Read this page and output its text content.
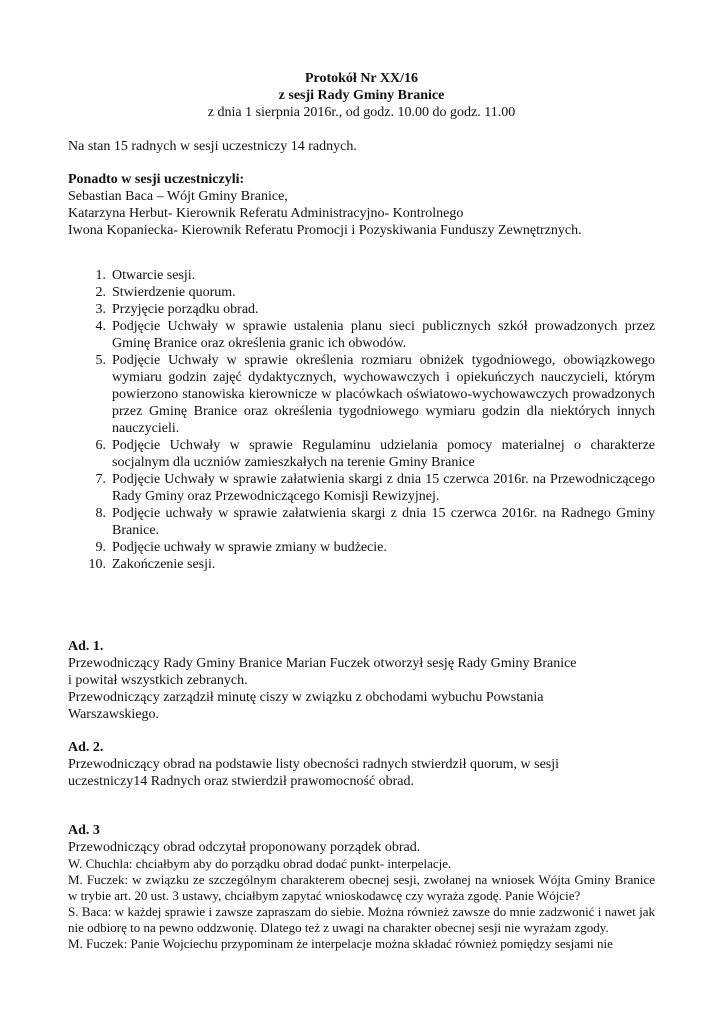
Protokół Nr XX/16

z sesji Rady Gminy Branice

z dnia 1 sierpnia 2016r., od godz. 10.00 do godz. 11.00

Na stan 15 radnych w sesji uczestniczy 14 radnych.

Ponadto w sesji uczestniczyli:

Sebastian Baca – Wójt Gminy Branice,

Katarzyna Herbut- Kierownik Referatu Administracyjno- Kontrolnego

Iwona Kopaniecka- Kierownik Referatu Promocji i Pozyskiwania Funduszy Zewnętrznych.

1. Otwarcie sesji.
2. Stwierdzenie quorum.
3. Przyjęcie porządku obrad.
4. Podjęcie Uchwały w sprawie ustalenia planu sieci publicznych szkół prowadzonych przez Gminę Branice oraz określenia granic ich obwodów.
5. Podjęcie Uchwały w sprawie określenia rozmiaru obniżek tygodniowego, obowiązkowego wymiaru godzin zajęć dydaktycznych, wychowawczych i opiekuńczych nauczycieli, którym powierzono stanowiska kierownicze w placówkach oświatowo-wychowawczych prowadzonych przez Gminę Branice oraz określenia tygodniowego wymiaru godzin dla niektórych innych nauczycieli.
6. Podjęcie Uchwały w sprawie Regulaminu udzielania pomocy materialnej o charakterze socjalnym dla uczniów zamieszkałych na terenie Gminy Branice
7. Podjęcie Uchwały w sprawie załatwienia skargi z dnia 15 czerwca 2016r. na Przewodniczącego Rady Gminy oraz Przewodniczącego Komisji Rewizyjnej.
8. Podjęcie uchwały w sprawie załatwienia skargi z dnia 15 czerwca 2016r. na Radnego Gminy Branice.
9. Podjęcie uchwały w sprawie zmiany w budżecie.
10. Zakończenie sesji.

Ad. 1.

Przewodniczący Rady Gminy Branice Marian Fuczek otworzył sesję Rady Gminy Branice

i powitał wszystkich zebranych.

Przewodniczący zarządził minutę ciszy w związku z obchodami wybuchu Powstania

Warszawskiego.

Ad. 2.

Przewodniczący obrad na podstawie listy obecności radnych stwierdził quorum, w sesji

uczestniczy14 Radnych oraz stwierdził prawomocność obrad.

Ad. 3

Przewodniczący obrad odczytał proponowany porządek obrad.

W. Chuchla: chciałbym aby do porządku obrad dodać punkt- interpelacje.

M. Fuczek: w związku ze szczególnym charakterem obecnej sesji, zwołanej na wniosek Wójta Gminy Branice w trybie art. 20 ust. 3 ustawy, chciałbym zapytać wnioskodawcę czy wyraża zgodę. Panie Wójcie?

S. Baca: w każdej sprawie i zawsze zapraszam do siebie. Można również zawsze do mnie zadzwonić i nawet jak nie odbiorę to na pewno oddzwonię. Dlatego też z uwagi na charakter obecnej sesji nie wyrażam zgody.

M. Fuczek: Panie Wojciechu przypominam że interpelacje można składać również pomiędzy sesjami nie
